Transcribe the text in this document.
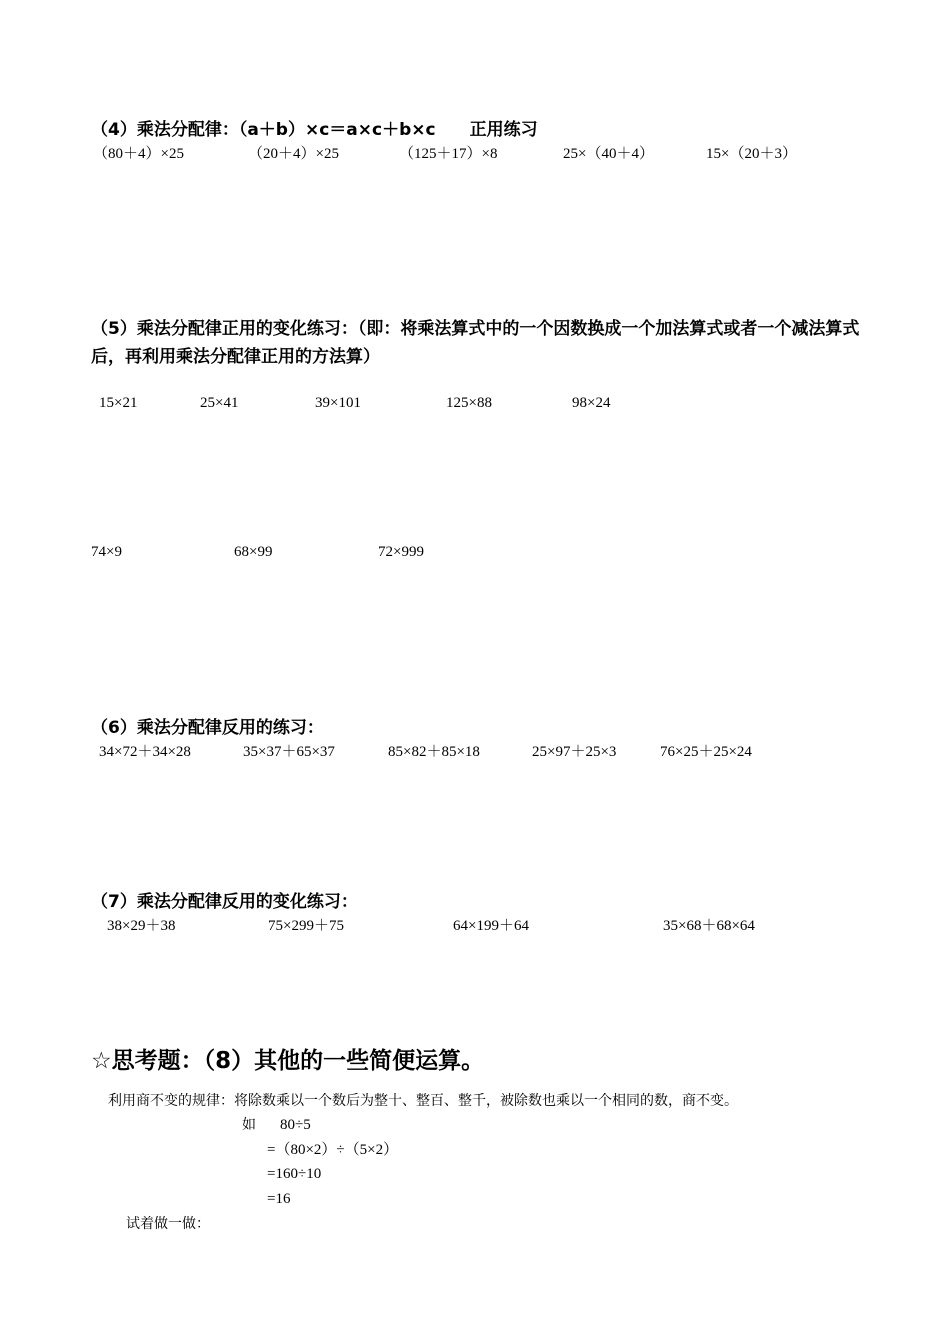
（4）乘法分配律：（a＋b）×c＝a×c＋b×c　　正用练习
（80＋4）×25	（20＋4）×25	（125＋17）×8	25×（40＋4）	15×（20＋3）
（5）乘法分配律正用的变化练习：（即：将乘法算式中的一个因数换成一个加法算式或者一个减法算式后，再利用乘法分配律正用的方法算）
15×21	25×41	39×101	125×88	98×24
74×9	68×99	72×999
（6）乘法分配律反用的练习：
34×72＋34×28	35×37＋65×37	85×82＋85×18	25×97＋25×3	76×25＋25×24
（7）乘法分配律反用的变化练习：
38×29＋38	75×299＋75	64×199＋64	35×68＋68×64
☆思考题：（8）其他的一些简便运算。
利用商不变的规律：将除数乘以一个数后为整十、整百、整千，被除数也乘以一个相同的数，商不变。
如 80÷5
=（80×2）÷（5×2）
=160÷10
=16
试着做一做：
